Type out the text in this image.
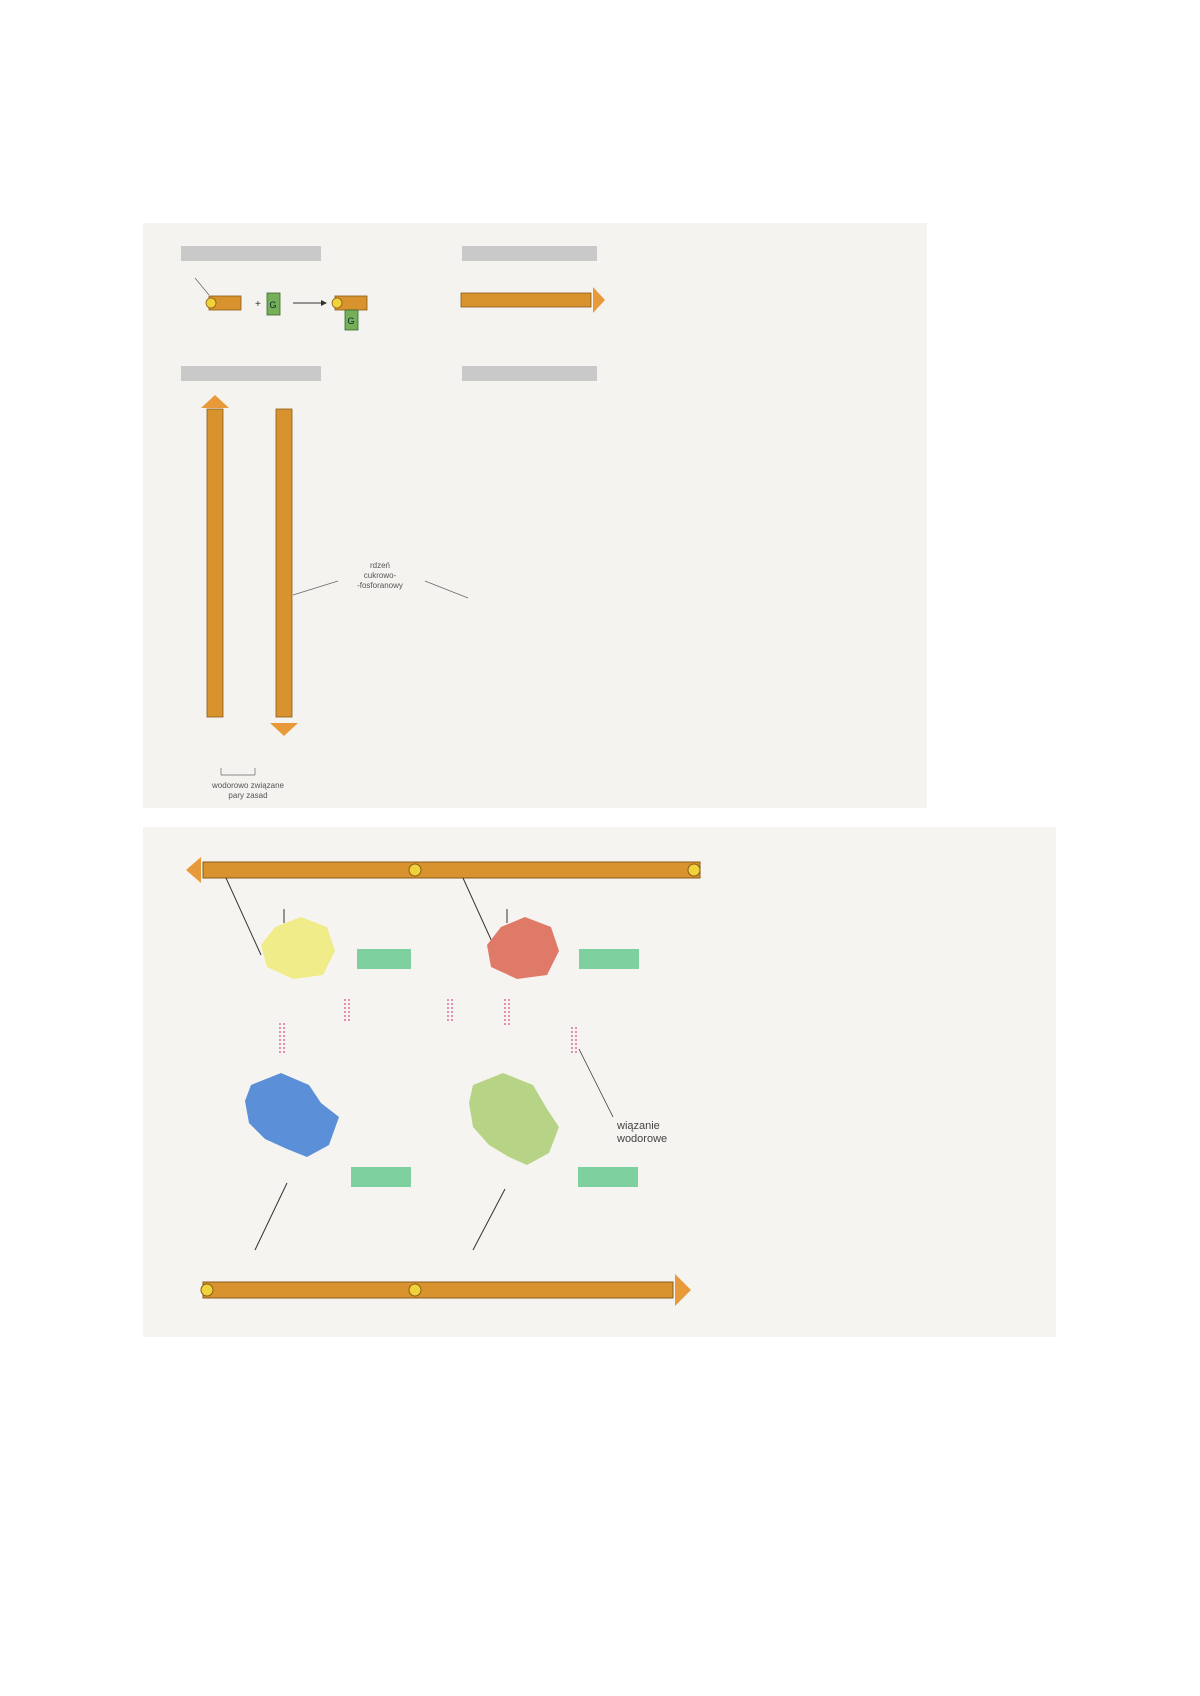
+ G
G
wodorowo związane pary zasad
rdzeń cukrowo--fosforanowy
wiązanie wodorowe
